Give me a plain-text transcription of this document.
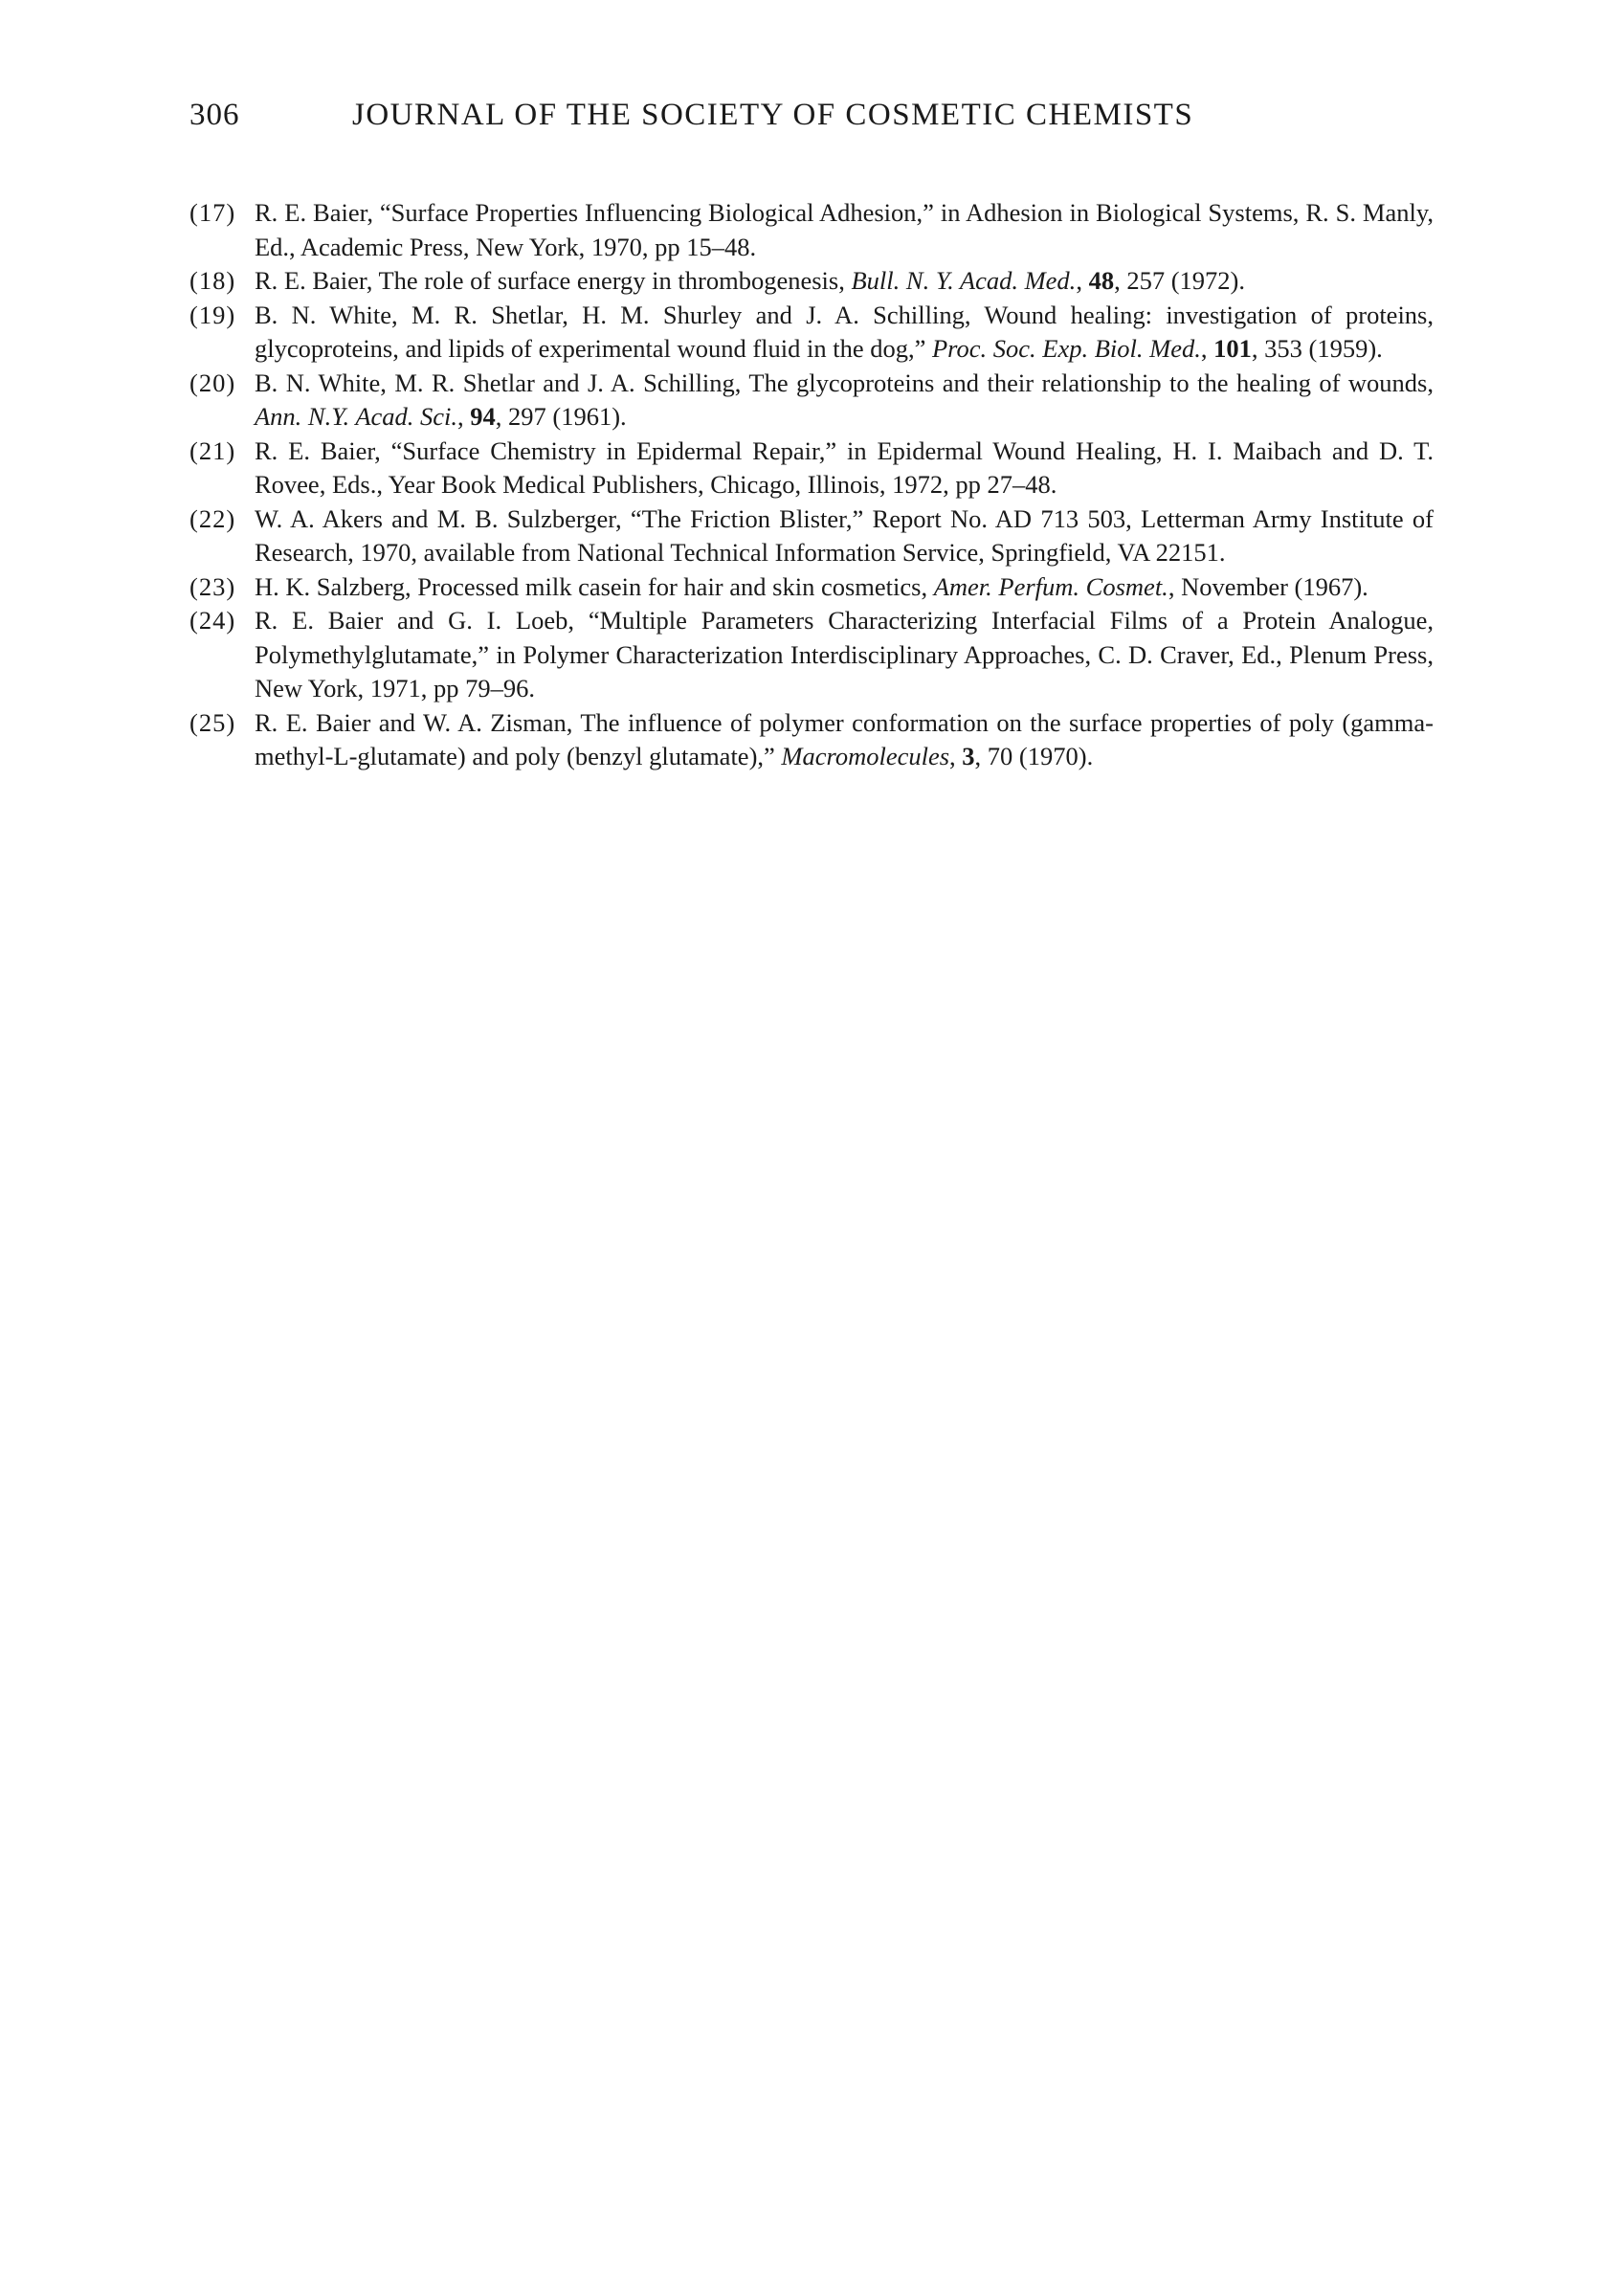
306	JOURNAL OF THE SOCIETY OF COSMETIC CHEMISTS
(17) R. E. Baier, “Surface Properties Influencing Biological Adhesion,” in Adhesion in Biological Systems, R. S. Manly, Ed., Academic Press, New York, 1970, pp 15–48.
(18) R. E. Baier, The role of surface energy in thrombogenesis, Bull. N. Y. Acad. Med., 48, 257 (1972).
(19) B. N. White, M. R. Shetlar, H. M. Shurley and J. A. Schilling, Wound healing: investigation of proteins, glycoproteins, and lipids of experimental wound fluid in the dog,” Proc. Soc. Exp. Biol. Med., 101, 353 (1959).
(20) B. N. White, M. R. Shetlar and J. A. Schilling, The glycoproteins and their relationship to the healing of wounds, Ann. N.Y. Acad. Sci., 94, 297 (1961).
(21) R. E. Baier, “Surface Chemistry in Epidermal Repair,” in Epidermal Wound Healing, H. I. Maibach and D. T. Rovee, Eds., Year Book Medical Publishers, Chicago, Illinois, 1972, pp 27–48.
(22) W. A. Akers and M. B. Sulzberger, “The Friction Blister,” Report No. AD 713 503, Letterman Army Institute of Research, 1970, available from National Technical Information Service, Springfield, VA 22151.
(23) H. K. Salzberg, Processed milk casein for hair and skin cosmetics, Amer. Perfum. Cosmet., November (1967).
(24) R. E. Baier and G. I. Loeb, “Multiple Parameters Characterizing Interfacial Films of a Protein Analogue, Polymethylglutamate,” in Polymer Characterization Interdisciplinary Approaches, C. D. Craver, Ed., Plenum Press, New York, 1971, pp 79–96.
(25) R. E. Baier and W. A. Zisman, The influence of polymer conformation on the surface properties of poly (gamma-methyl-L-glutamate) and poly (benzyl glutamate),” Macromolecules, 3, 70 (1970).
